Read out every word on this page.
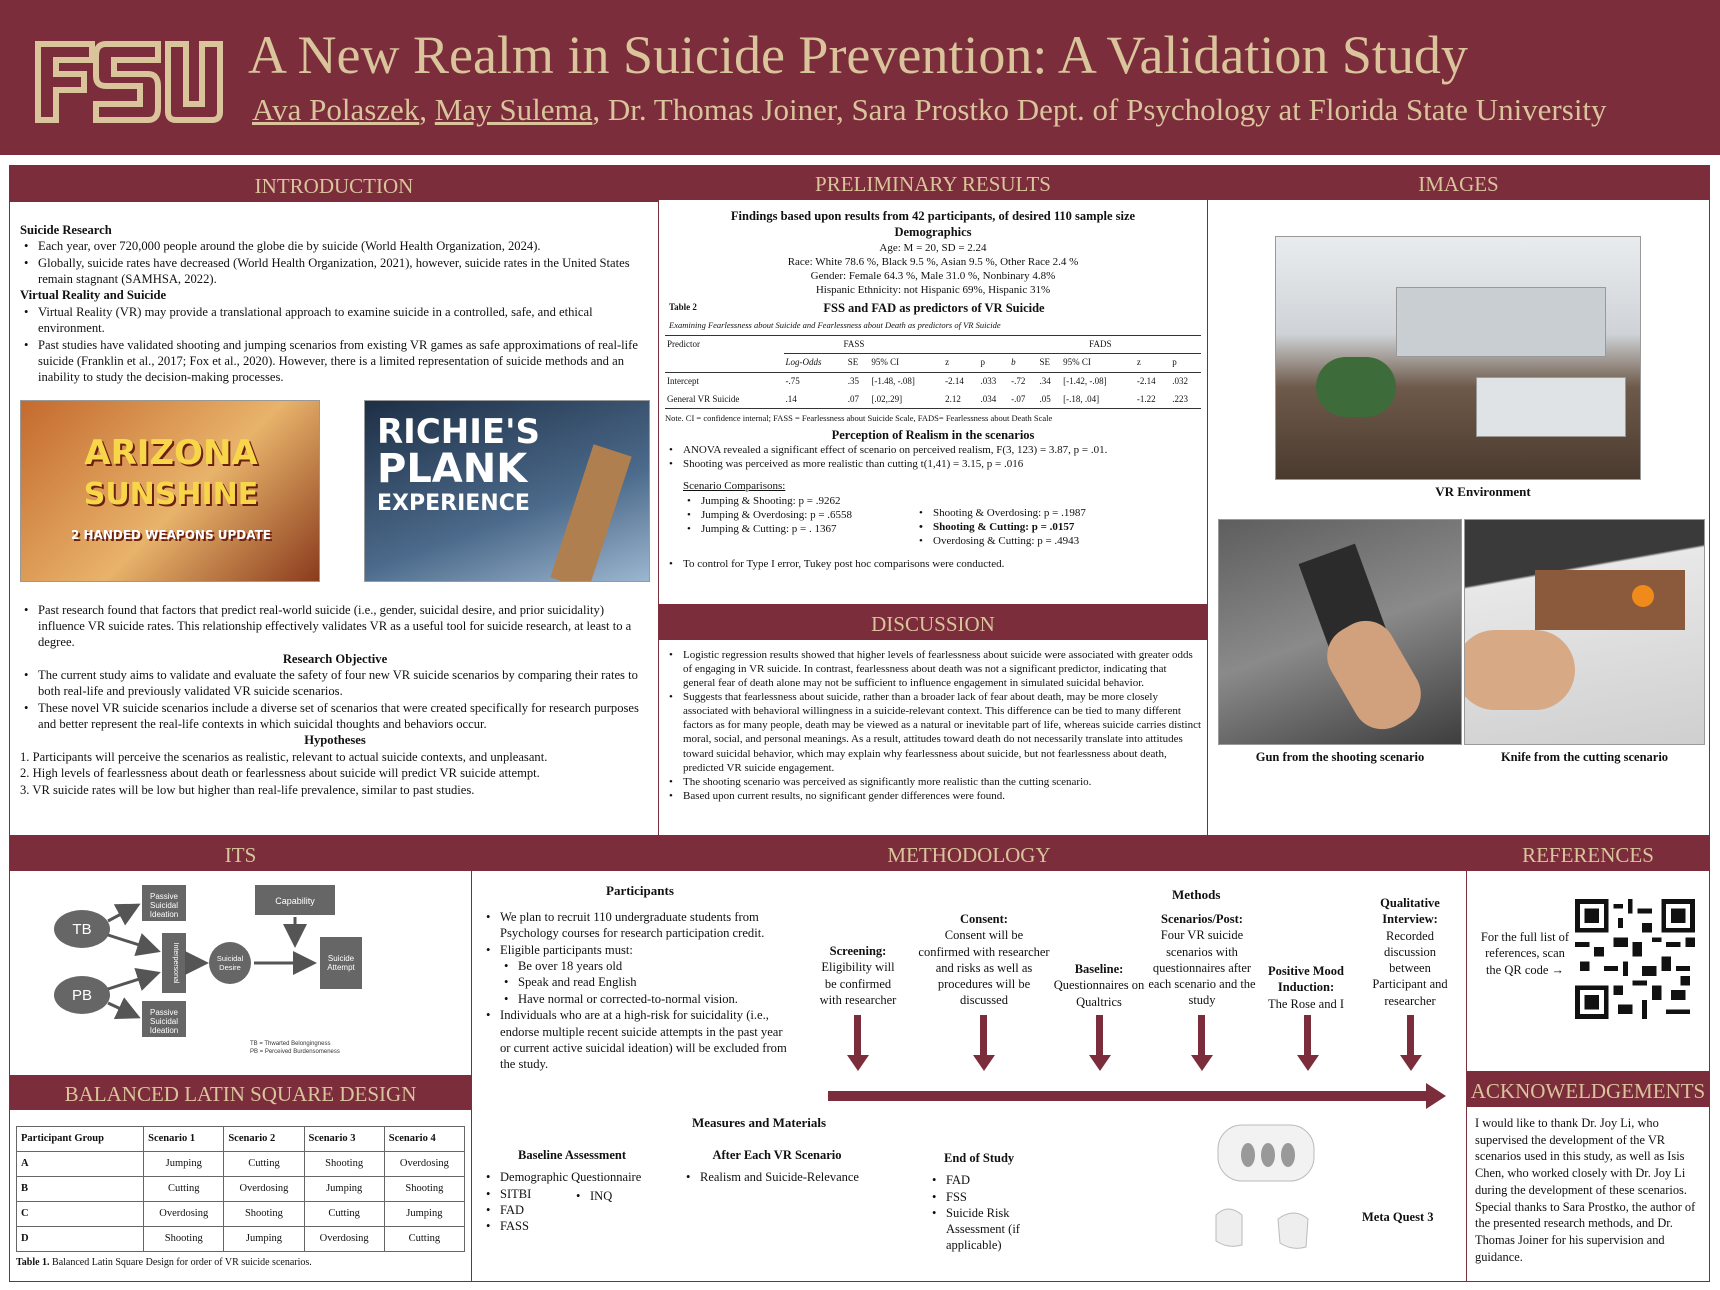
A New Realm in Suicide Prevention: A Validation Study
Ava Polaszek, May Sulema, Dr. Thomas Joiner, Sara Prostko Dept. of Psychology at Florida State University
INTRODUCTION
Suicide Research
• Each year, over 720,000 people around the globe die by suicide (World Health Organization, 2024).
• Globally, suicide rates have decreased (World Health Organization, 2021), however, suicide rates in the United States remain stagnant (SAMHSA, 2022).
Virtual Reality and Suicide
• Virtual Reality (VR) may provide a translational approach to examine suicide in a controlled, safe, and ethical environment.
• Past studies have validated shooting and jumping scenarios from existing VR games as safe approximations of real-life suicide (Franklin et al., 2017; Fox et al., 2020). However, there is a limited representation of suicide methods and an inability to study the decision-making processes.
ARIZONA
SUNSHINE
2 HANDED WEAPONS UPDATE
RICHIE'S
PLANK
EXPERIENCE
• Past research found that factors that predict real-world suicide (i.e., gender, suicidal desire, and prior suicidality) influence VR suicide rates. This relationship effectively validates VR as a useful tool for suicide research, at least to a degree.
Research Objective
• The current study aims to validate and evaluate the safety of four new VR suicide scenarios by comparing their rates to both real-life and previously validated VR suicide scenarios.
• These novel VR suicide scenarios include a diverse set of scenarios that were created specifically for research purposes and better represent the real-life contexts in which suicidal thoughts and behaviors occur.
Hypotheses
1. Participants will perceive the scenarios as realistic, relevant to actual suicide contexts, and unpleasant.
2. High levels of fearlessness about death or fearlessness about suicide will predict VR suicide attempt.
3. VR suicide rates will be low but higher than real-life prevalence, similar to past studies.
PRELIMINARY RESULTS
Findings based upon results from 42 participants, of desired 110 sample size
Demographics
Age: M = 20, SD = 2.24
Race: White 78.6 %, Black 9.5 %, Asian 9.5 %, Other Race 2.4 %
Gender: Female 64.3 %, Male 31.0 %, Nonbinary 4.8%
Hispanic Ethnicity: not Hispanic 69%, Hispanic 31%
Table 2	FSS and FAD as predictors of VR Suicide
Examining Fearlessness about Suicide and Fearlessness about Death as predictors of VR Suicide
Predictor	FASS					FADS				
	Log-Odds	SE	95% CI	z	p	b	SE	95% CI	z	p
Intercept	-.75	.35	[-1.48, -.08]	-2.14	.033	-.72	.34	[-1.42, -.08]	-2.14	.032
General VR Suicide	.14	.07	[.02,.29]	2.12	.034	-.07	.05	[-.18, .04]	-1.22	.223
Note. CI = confidence internal; FASS = Fearlessness about Suicide Scale, FADS= Fearlessness about Death Scale
Perception of Realism in the scenarios
• ANOVA revealed a significant effect of scenario on perceived realism, F(3, 123) = 3.87, p = .01.
• Shooting was perceived as more realistic than cutting t(1,41) = 3.15, p = .016
Scenario Comparisons:
• Jumping & Shooting: p = .9262
• Jumping & Overdosing: p = .6558
• Jumping & Cutting: p = . 1367
• Shooting & Overdosing: p = .1987
• Shooting & Cutting: p = .0157
• Overdosing & Cutting: p = .4943
• To control for Type I error, Tukey post hoc comparisons were conducted.
DISCUSSION
• Logistic regression results showed that higher levels of fearlessness about suicide were associated with greater odds of engaging in VR suicide. In contrast, fearlessness about death was not a significant predictor, indicating that general fear of death alone may not be sufficient to influence engagement in simulated suicidal behavior.
• Suggests that fearlessness about suicide, rather than a broader lack of fear about death, may be more closely associated with behavioral willingness in a suicide-relevant context. This difference can be tied to many different factors as for many people, death may be viewed as a natural or inevitable part of life, whereas suicide carries distinct moral, social, and personal meanings. As a result, attitudes toward death do not necessarily translate into attitudes toward suicidal behavior, which may explain why fearlessness about suicide, but not fearlessness about death, predicted VR suicide engagement.
• The shooting scenario was perceived as significantly more realistic than the cutting scenario.
• Based upon current results, no significant gender differences were found.
IMAGES
VR Environment
Gun from the shooting scenario	Knife from the cutting scenario
ITS
TB
PB
Passive
Suicidal
Ideation
Passive
Suicidal
Ideation
Interpersonal	Suicidal
Desire
Capability
Suicide
Attempt
TB = Thwarted Belongingness
PB = Perceived Burdensomeness
BALANCED LATIN SQUARE DESIGN
Participant Group	Scenario 1	Scenario 2	Scenario 3	Scenario 4
A	Jumping	Cutting	Shooting	Overdosing
B	Cutting	Overdosing	Jumping	Shooting
C	Overdosing	Shooting	Cutting	Jumping
D	Shooting	Jumping	Overdosing	Cutting
Table 1. Balanced Latin Square Design for order of VR suicide scenarios.
METHODOLOGY
Participants
• We plan to recruit 110 undergraduate students from Psychology courses for research participation credit.
• Eligible participants must:
• Be over 18 years old
• Speak and read English
• Have normal or corrected-to-normal vision.
• Individuals who are at a high-risk for suicidality (i.e., endorse multiple recent suicide attempts in the past year or current active suicidal ideation) will be excluded from the study.
Methods
Screening:
Eligibility will be confirmed with researcher
Consent:
Consent will be confirmed with researcher and risks as well as procedures will be discussed
Baseline:
Questionnaires on Qualtrics
Scenarios/Post:
Four VR suicide scenarios with questionnaires after each scenario and the study
Positive Mood Induction:
The Rose and I
Qualitative Interview:
Recorded discussion between Participant and researcher
Measures and Materials
Baseline Assessment
• Demographic Questionnaire
• SITBI
• FAD
• FASS
• INQ
After Each VR Scenario
• Realism and Suicide-Relevance
End of Study
• FAD
• FSS
• Suicide Risk Assessment (if applicable)
Meta Quest 3
REFERENCES
For the full list of references, scan the QR code →
ACKNOWELDGEMENTS
I would like to thank Dr. Joy Li, who supervised the development of the VR scenarios used in this study, as well as Isis Chen, who worked closely with Dr. Joy Li during the development of these scenarios. Special thanks to Sara Prostko, the author of the presented research methods, and Dr. Thomas Joiner for his supervision and guidance.
